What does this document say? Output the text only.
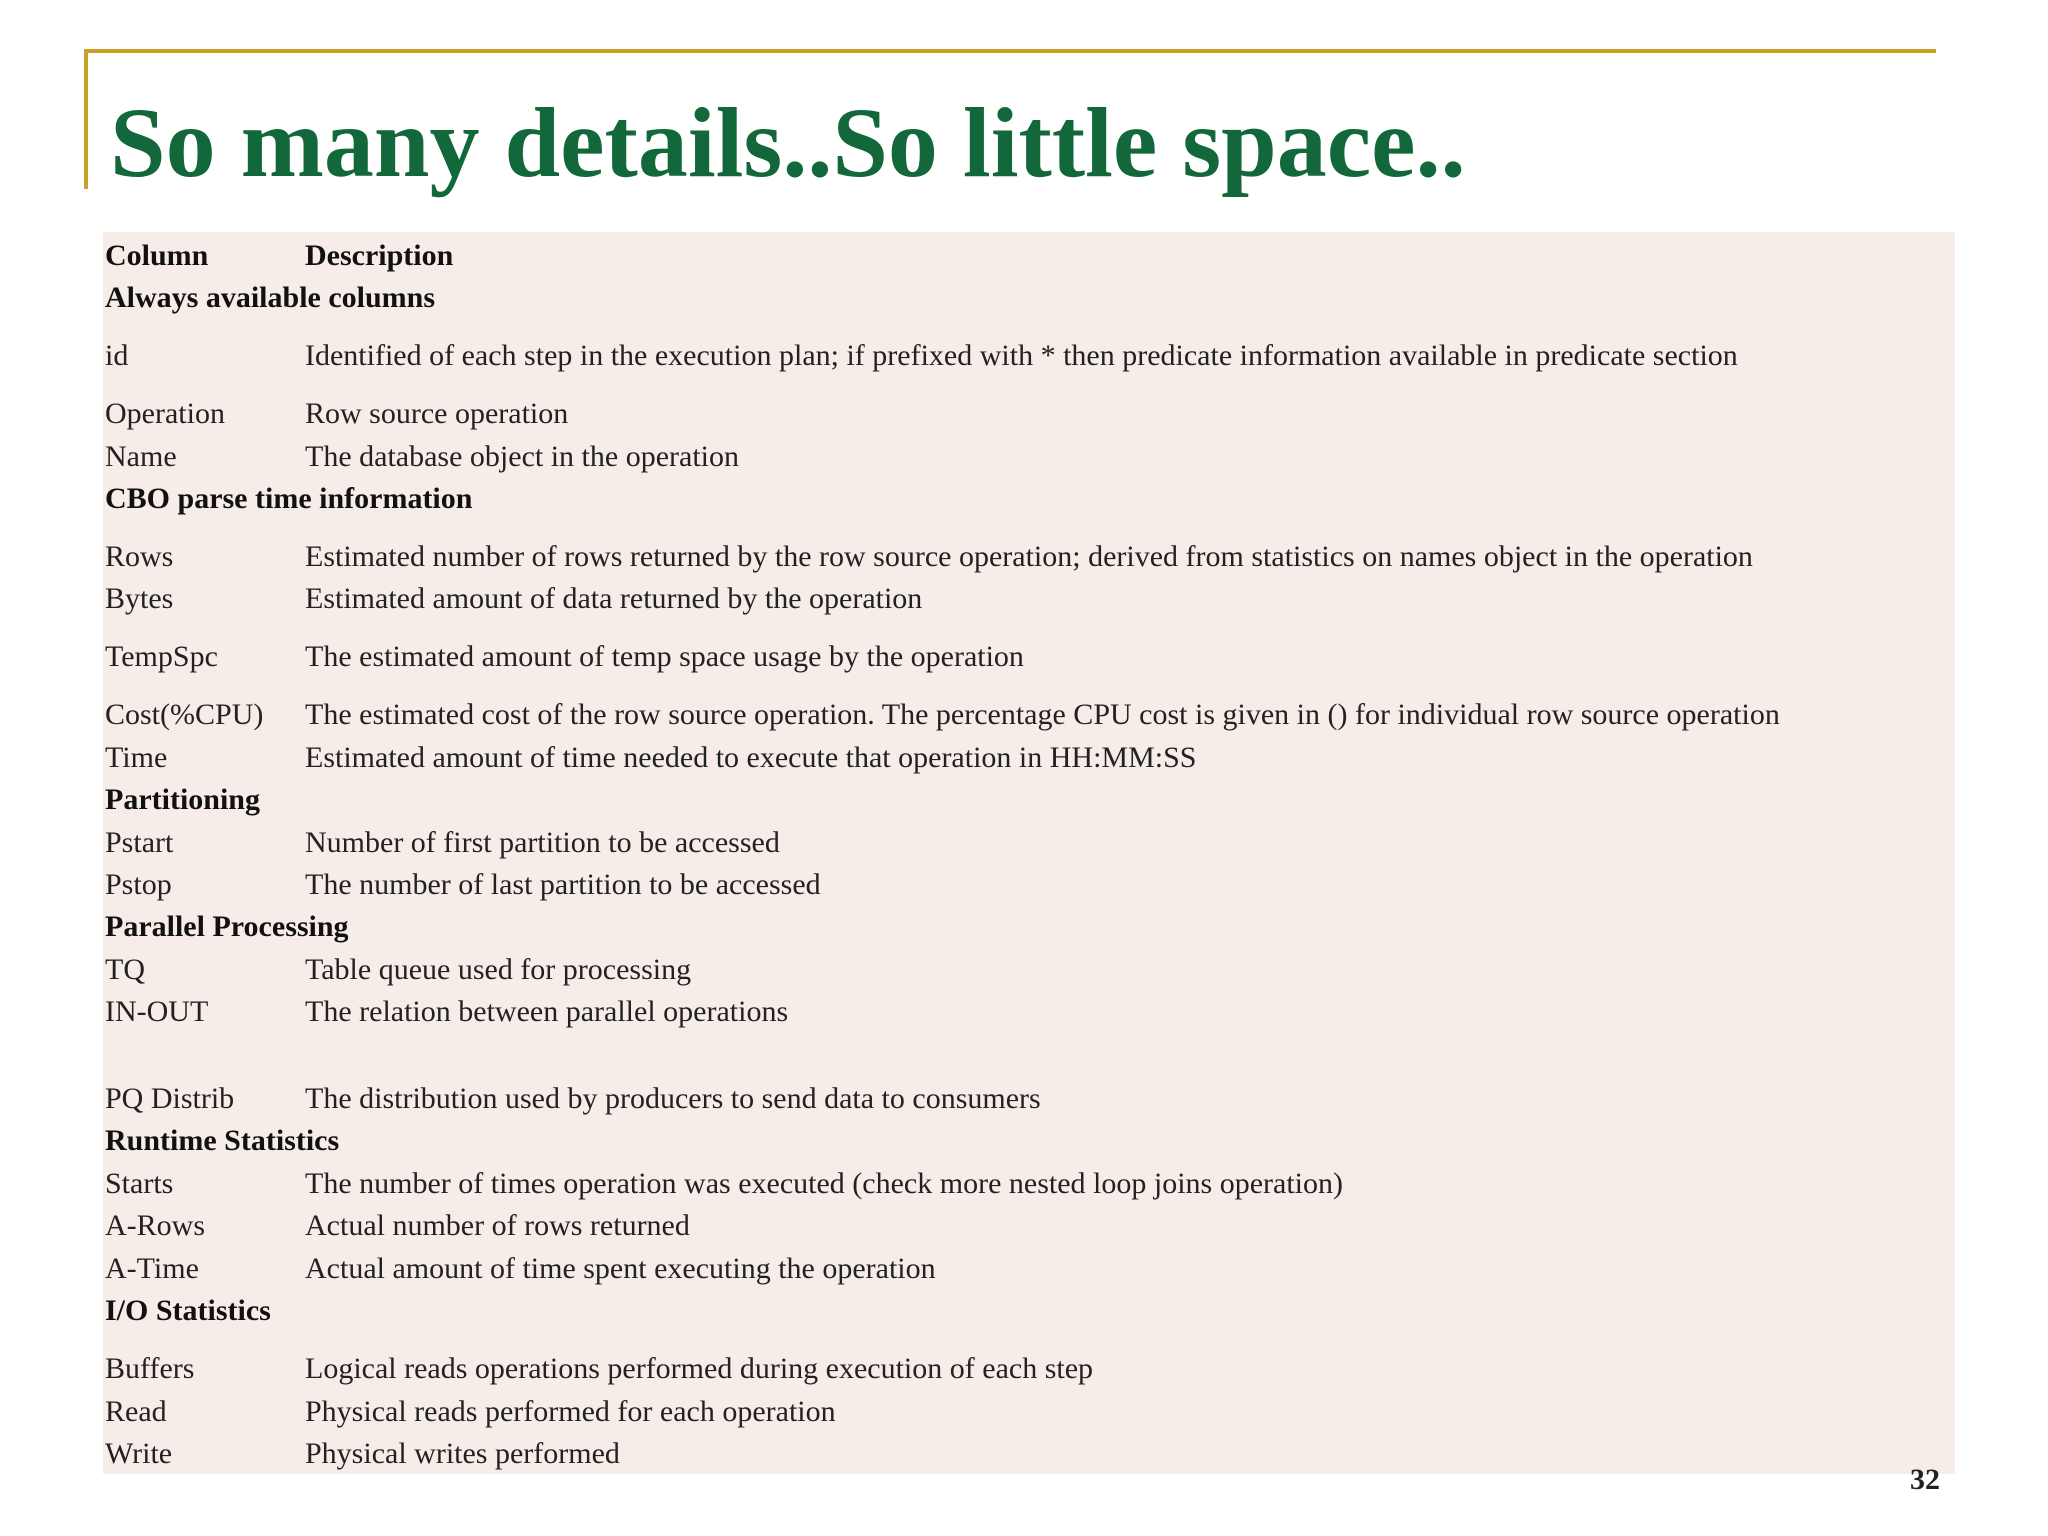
So many details..So little space..
Column	Description
Always available columns
id	Identified of each step in the execution plan; if prefixed with * then predicate information available in predicate section
Operation	Row source operation
Name	The database object in the operation
CBO parse time information
Rows	Estimated number of rows returned by the row source operation; derived from statistics on names object in the operation
Bytes	Estimated amount of data returned by the operation
TempSpc	The estimated amount of temp space usage by the operation
Cost(%CPU) The estimated cost of the row source operation. The percentage CPU cost is given in () for individual row source operation
Time	Estimated amount of time needed to execute that operation in HH:MM:SS
Partitioning
Pstart	Number of first partition to be accessed
Pstop	The number of last partition to be accessed
Parallel Processing
TQ	Table queue used for processing
IN-OUT	The relation between parallel operations
PQ Distrib The distribution used by producers to send data to consumers
Runtime Statistics
Starts	The number of times operation was executed (check more nested loop joins operation)
A-Rows	Actual number of rows returned
A-Time	Actual amount of time spent executing the operation
I/O Statistics
Buffers	Logical reads operations performed during execution of each step
Read	Physical reads performed for each operation
Write	Physical writes performed
32
